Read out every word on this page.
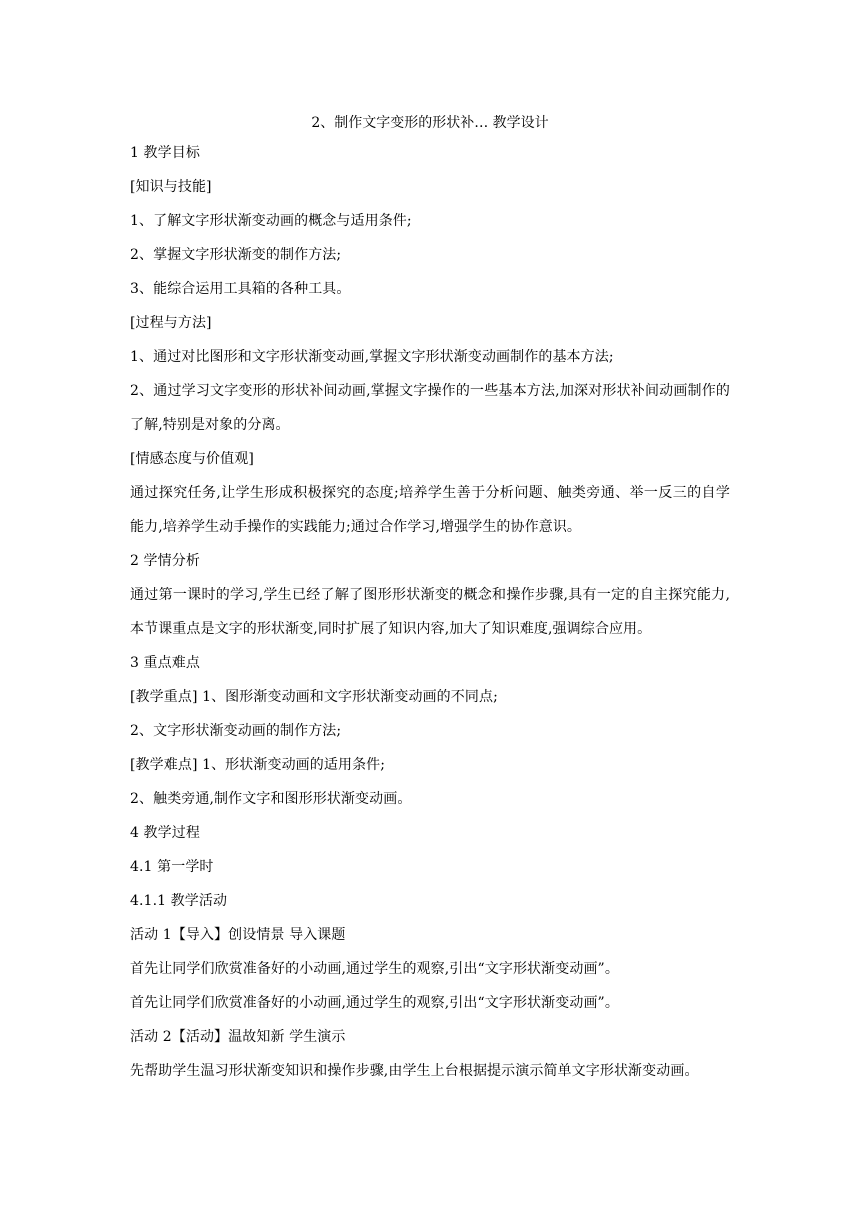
2、制作文字变形的形状补… 教学设计
1 教学目标
[知识与技能]
1、了解文字形状渐变动画的概念与适用条件;
2、掌握文字形状渐变的制作方法;
3、能综合运用工具箱的各种工具。
[过程与方法]
1、通过对比图形和文字形状渐变动画,掌握文字形状渐变动画制作的基本方法;
2、通过学习文字变形的形状补间动画,掌握文字操作的一些基本方法,加深对形状补间动画制作的了解,特别是对象的分离。
[情感态度与价值观]
通过探究任务,让学生形成积极探究的态度;培养学生善于分析问题、触类旁通、举一反三的自学能力,培养学生动手操作的实践能力;通过合作学习,增强学生的协作意识。
2 学情分析
通过第一课时的学习,学生已经了解了图形形状渐变的概念和操作步骤,具有一定的自主探究能力,本节课重点是文字的形状渐变,同时扩展了知识内容,加大了知识难度,强调综合应用。
3 重点难点
[教学重点] 1、图形渐变动画和文字形状渐变动画的不同点;
2、文字形状渐变动画的制作方法;
[教学难点] 1、形状渐变动画的适用条件;
2、触类旁通,制作文字和图形形状渐变动画。
4 教学过程
4.1 第一学时
4.1.1 教学活动
活动 1【导入】创设情景 导入课题
首先让同学们欣赏准备好的小动画,通过学生的观察,引出“文字形状渐变动画”。
首先让同学们欣赏准备好的小动画,通过学生的观察,引出“文字形状渐变动画”。
活动 2【活动】温故知新 学生演示
先帮助学生温习形状渐变知识和操作步骤,由学生上台根据提示演示简单文字形状渐变动画。
